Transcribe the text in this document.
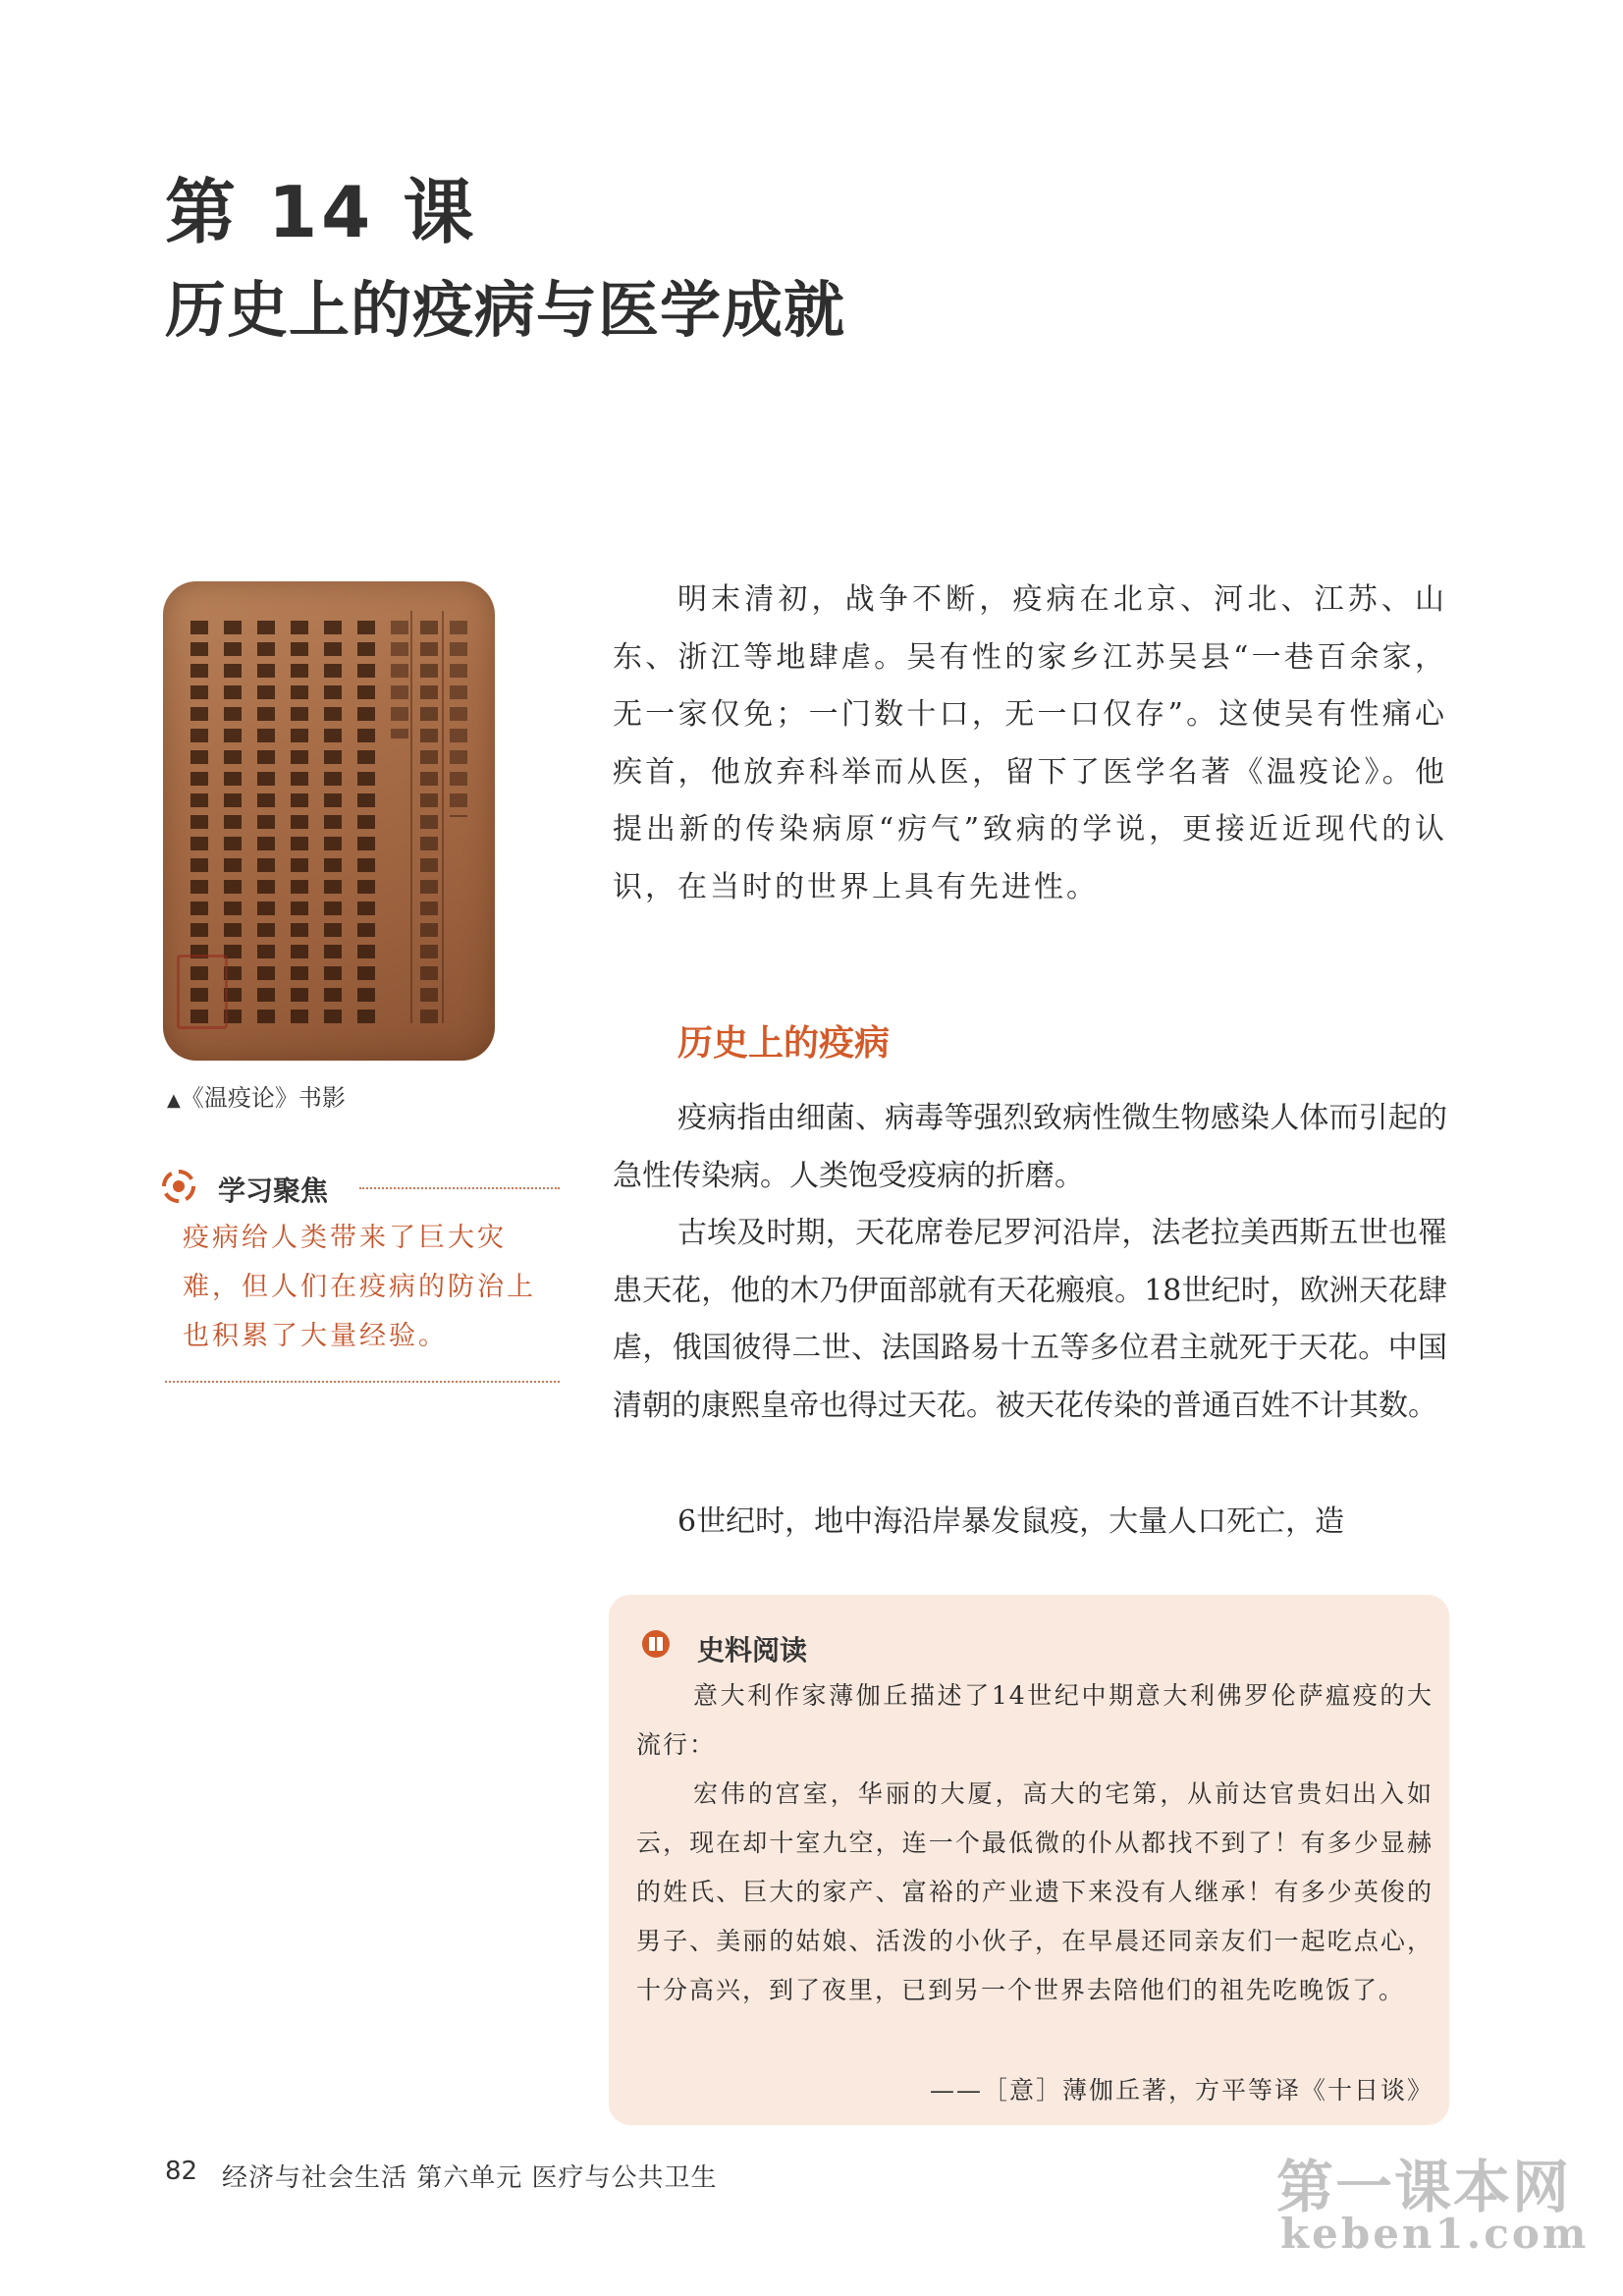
第 14 课
历史上的疫病与医学成就
▲《温疫论》书影
学习聚焦
疫病给人类带来了巨大灾难，但人们在疫病的防治上也积累了大量经验。
明末清初，战争不断，疫病在北京、河北、江苏、山东、浙江等地肆虐。吴有性的家乡江苏吴县“一巷百余家，无一家仅免；一门数十口，无一口仅存”。这使吴有性痛心疾首，他放弃科举而从医，留下了医学名著《温疫论》。他提出新的传染病原“疠气”致病的学说，更接近近现代的认识，在当时的世界上具有先进性。
历史上的疫病
疫病指由细菌、病毒等强烈致病性微生物感染人体而引起的急性传染病。人类饱受疫病的折磨。
古埃及时期，天花席卷尼罗河沿岸，法老拉美西斯五世也罹患天花，他的木乃伊面部就有天花瘢痕。18世纪时，欧洲天花肆虐，俄国彼得二世、法国路易十五等多位君主就死于天花。中国清朝的康熙皇帝也得过天花。被天花传染的普通百姓不计其数。
6世纪时，地中海沿岸暴发鼠疫，大量人口死亡，造
史料阅读
意大利作家薄伽丘描述了14世纪中期意大利佛罗伦萨瘟疫的大流行：
宏伟的宫室，华丽的大厦，高大的宅第，从前达官贵妇出入如云，现在却十室九空，连一个最低微的仆从都找不到了！有多少显赫的姓氏、巨大的家产、富裕的产业遗下来没有人继承！有多少英俊的男子、美丽的姑娘、活泼的小伙子，在早晨还同亲友们一起吃点心，十分高兴，到了夜里，已到另一个世界去陪他们的祖先吃晚饭了。
——［意］薄伽丘著，方平等译《十日谈》
82 经济与社会生活 第六单元 医疗与公共卫生	第一课本网
keben1.com
